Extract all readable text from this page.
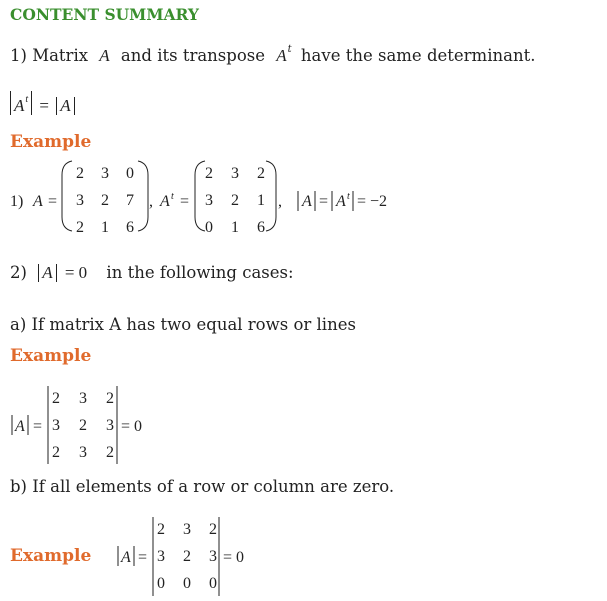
CONTENT SUMMARY
1) Matrix A and its transpose $A^t$ have the same determinant.
$A^t = A$
Example
1) A =
2 3 0
3 2 7
2 1 6
, A t =
2 3 2
3 2 1
0 1 6
, A = A t = −2
2) A = 0 in the following cases:
a) If matrix A has two equal rows or lines
Example
A =
2 3 2
3 2 3
2 3 2
= 0
b) If all elements of a row or column are zero.
Example A =
2 3 2
3 2 3
0 0 0
= 0
